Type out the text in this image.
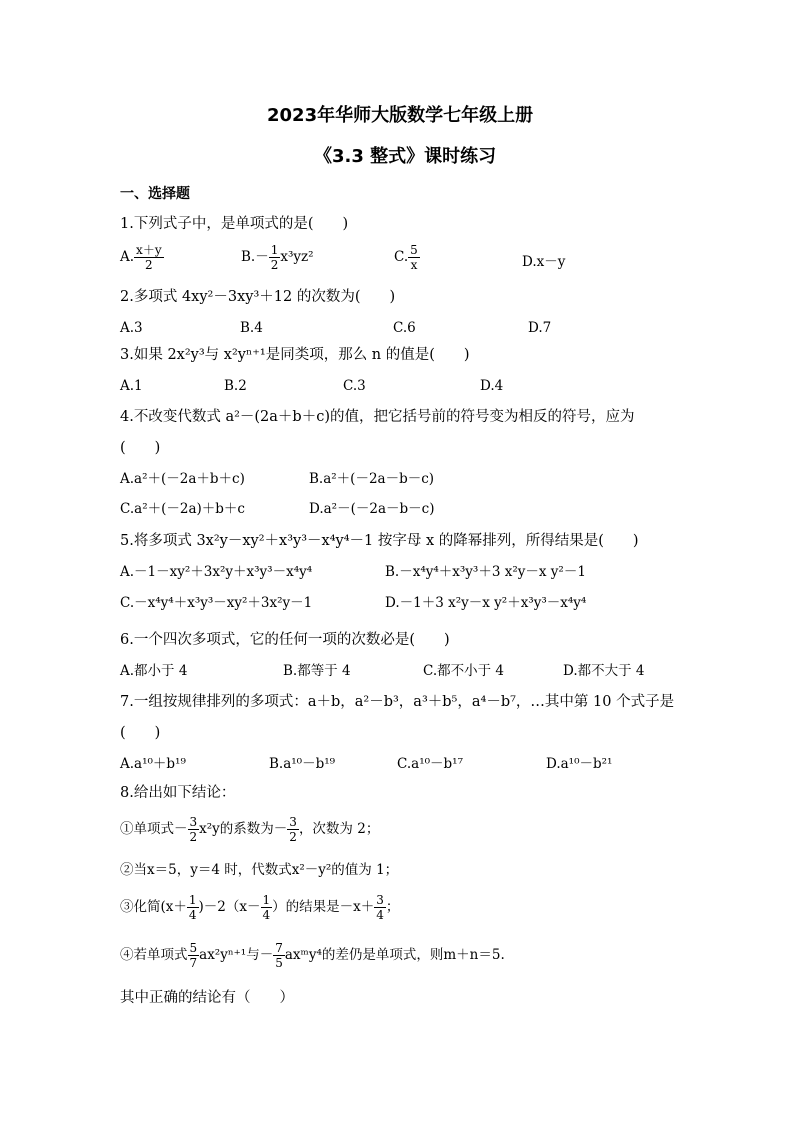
2023年华师大版数学七年级上册
《3.3 整式》课时练习
一、选择题
1.下列式子中，是单项式的是(　　)
A. $\frac{x+y}{2}$	$B.- \frac{1}{2} x^3yz^2$	C. $\frac{5}{x}$	D.x－y
2.多项式 4xy²－3xy³＋12 的次数为(　　)
A.3	B.4	C.6	D.7
3.如果 2x²y³与 x²yⁿ⁺¹是同类项，那么 n 的值是(　　)
A.1	B.2	C.3	D.4
4.不改变代数式 a²－(2a＋b＋c)的值，把它括号前的符号变为相反的符号，应为
(　　)
A.a²＋(－2a＋b＋c)	B.a²＋(－2a－b－c)
C.a²＋(－2a)＋b＋c	D.a²－(－2a－b－c)
5.将多项式 3x²y－xy²＋x³y³－x⁴y⁴－1 按字母 x 的降幂排列，所得结果是(　　)
A.－1－xy²＋3x²y＋x³y³－x⁴y⁴	B.－x⁴y⁴＋x³y³＋3 x²y－x y²－1
C.－x⁴y⁴＋x³y³－xy²＋3x²y－1	D.－1＋3 x²y－x y²＋x³y³－x⁴y⁴
6.一个四次多项式，它的任何一项的次数必是(　　)
A.都小于 4	B.都等于 4	C.都不小于 4	D.都不大于 4
7.一组按规律排列的多项式：a＋b，a²－b³，a³＋b⁵，a⁴－b⁷，…其中第 10 个式子是
(　　)
A.a¹⁰＋b¹⁹	B.a¹⁰－b¹⁹	C.a¹⁰－b¹⁷	D.a¹⁰－b²¹
8.给出如下结论：
①单项式－ $\frac{3}{2} x^2y$的系数为－ $\frac{3}{2}$ ，次数为 2；
②当x＝5，y＝4 时，代数式x²－y²的值为 1；
③化简$(x+ \frac{1}{4} )-2(x- \frac{1}{4}$ ）的结果是$-x+ \frac{3}{4}$ ；
④若单项式 $\frac{5}{7} ax^2y^{n+1}$与－ $\frac{7}{5}$ axᵐy⁴的差仍是单项式，则m＋n＝5.
其中正确的结论有（　　）
